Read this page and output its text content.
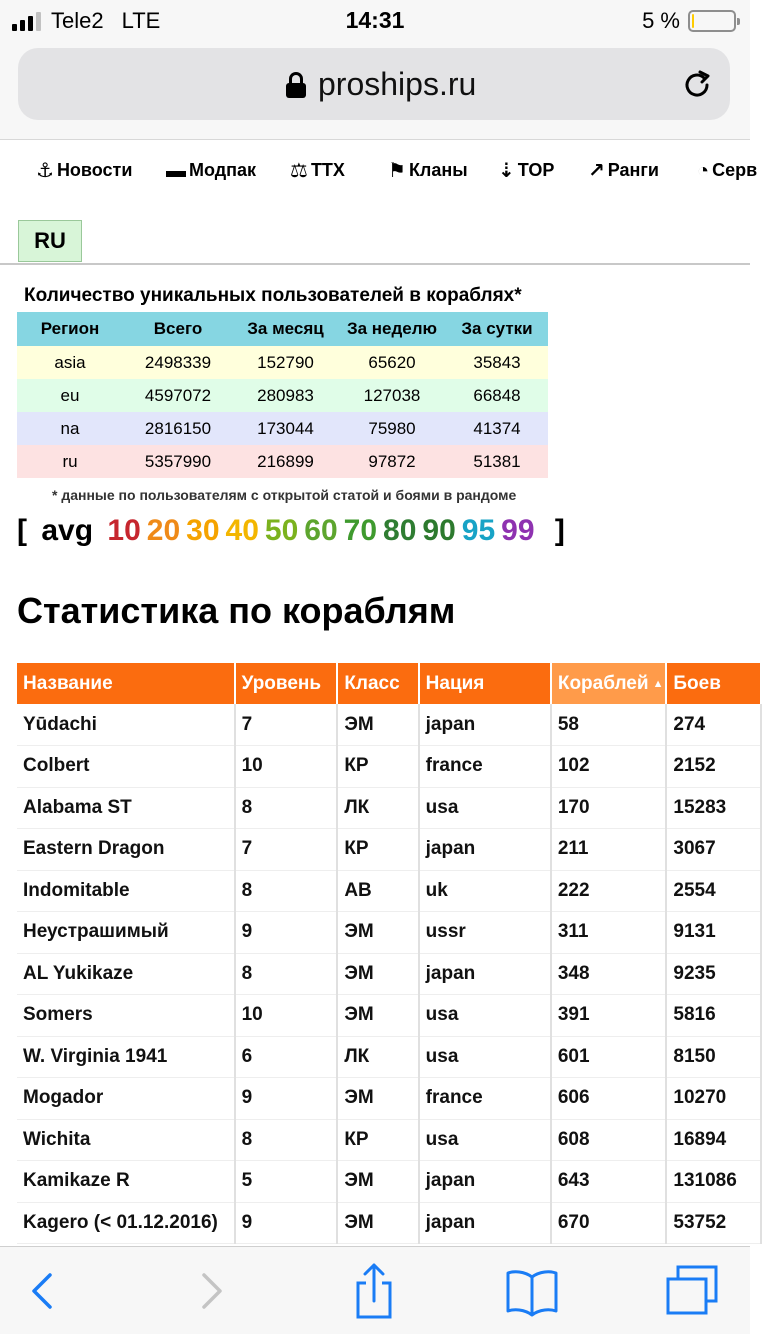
Tele2 LTE	14:31	5 %
proships.ru
⚓ Новости ▬ Модпак ⚖ ТТХ ⚑ Кланы ⇣ TOP ↗ Ранги ◔ Серв
RU
Количество уникальных пользователей в кораблях*
Регион	Всего	За месяц	За неделю	За сутки
asia	2498339	152790	65620	35843
eu	4597072	280983	127038	66848
na	2816150	173044	75980	41374
ru	5357990	216899	97872	51381
* данные по пользователям с открытой статой и боями в рандоме
[ avg 10 20 30 40 50 60 70 80 90 95 99 ]
Статистика по кораблям
Название	Уровень	Класс	Нация	Кораблей ▲	Боев
Yūdachi	7	ЭМ	japan	58	274
Colbert	10	КР	france	102	2152
Alabama ST	8	ЛК	usa	170	15283
Eastern Dragon	7	КР	japan	211	3067
Indomitable	8	АВ	uk	222	2554
Неустрашимый	9	ЭМ	ussr	311	9131
AL Yukikaze	8	ЭМ	japan	348	9235
Somers	10	ЭМ	usa	391	5816
W. Virginia 1941	6	ЛК	usa	601	8150
Mogador	9	ЭМ	france	606	10270
Wichita	8	КР	usa	608	16894
Kamikaze R	5	ЭМ	japan	643	131086
Kagero (< 01.12.2016)	9	ЭМ	japan	670	53752
